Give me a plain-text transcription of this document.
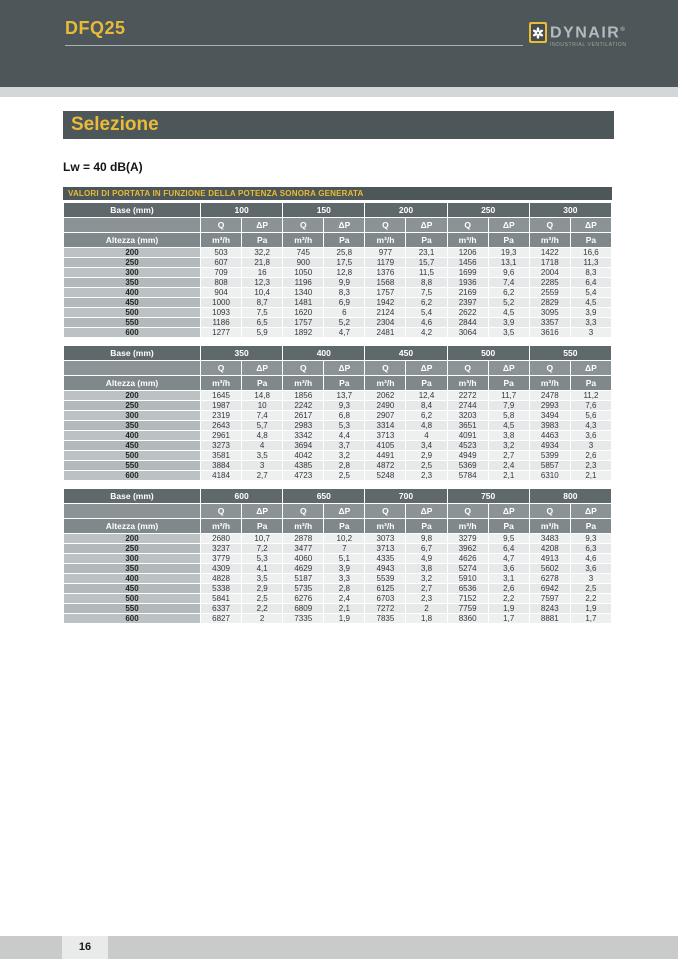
DFQ25	DYNAIR®
INDUSTRIAL VENTILATION
Selezione
Lw = 40 dB(A)
VALORI DI PORTATA IN FUNZIONE DELLA POTENZA SONORA GENERATA
Base (mm)	100		150		200		250		300	
	Q	ΔP	Q	ΔP	Q	ΔP	Q	ΔP	Q	ΔP
Altezza (mm)	m³/h	Pa	m³/h	Pa	m³/h	Pa	m³/h	Pa	m³/h	Pa
200	503	32,2	745	25,8	977	23,1	1206	19,3	1422	16,6
250	607	21,8	900	17,5	1179	15,7	1456	13,1	1718	11,3
300	709	16	1050	12,8	1376	11,5	1699	9,6	2004	8,3
350	808	12,3	1196	9,9	1568	8,8	1936	7,4	2285	6,4
400	904	10,4	1340	8,3	1757	7,5	2169	6,2	2559	5,4
450	1000	8,7	1481	6,9	1942	6,2	2397	5,2	2829	4,5
500	1093	7,5	1620	6	2124	5,4	2622	4,5	3095	3,9
550	1186	6,5	1757	5,2	2304	4,6	2844	3,9	3357	3,3
600	1277	5,9	1892	4,7	2481	4,2	3064	3,5	3616	3
Base (mm)	350		400		450		500		550	
	Q	ΔP	Q	ΔP	Q	ΔP	Q	ΔP	Q	ΔP
Altezza (mm)	m³/h	Pa	m³/h	Pa	m³/h	Pa	m³/h	Pa	m³/h	Pa
200	1645	14,8	1856	13,7	2062	12,4	2272	11,7	2478	11,2
250	1987	10	2242	9,3	2490	8,4	2744	7,9	2993	7,6
300	2319	7,4	2617	6,8	2907	6,2	3203	5,8	3494	5,6
350	2643	5,7	2983	5,3	3314	4,8	3651	4,5	3983	4,3
400	2961	4,8	3342	4,4	3713	4	4091	3,8	4463	3,6
450	3273	4	3694	3,7	4105	3,4	4523	3,2	4934	3
500	3581	3,5	4042	3,2	4491	2,9	4949	2,7	5399	2,6
550	3884	3	4385	2,8	4872	2,5	5369	2,4	5857	2,3
600	4184	2,7	4723	2,5	5248	2,3	5784	2,1	6310	2,1
Base (mm)	600		650		700		750		800	
	Q	ΔP	Q	ΔP	Q	ΔP	Q	ΔP	Q	ΔP
Altezza (mm)	m³/h	Pa	m³/h	Pa	m³/h	Pa	m³/h	Pa	m³/h	Pa
200	2680	10,7	2878	10,2	3073	9,8	3279	9,5	3483	9,3
250	3237	7,2	3477	7	3713	6,7	3962	6,4	4208	6,3
300	3779	5,3	4060	5,1	4335	4,9	4626	4,7	4913	4,6
350	4309	4,1	4629	3,9	4943	3,8	5274	3,6	5602	3,6
400	4828	3,5	5187	3,3	5539	3,2	5910	3,1	6278	3
450	5338	2,9	5735	2,8	6125	2,7	6536	2,6	6942	2,5
500	5841	2,5	6276	2,4	6703	2,3	7152	2,2	7597	2,2
550	6337	2,2	6809	2,1	7272	2	7759	1,9	8243	1,9
600	6827	2	7335	1,9	7835	1,8	8360	1,7	8881	1,7
16
